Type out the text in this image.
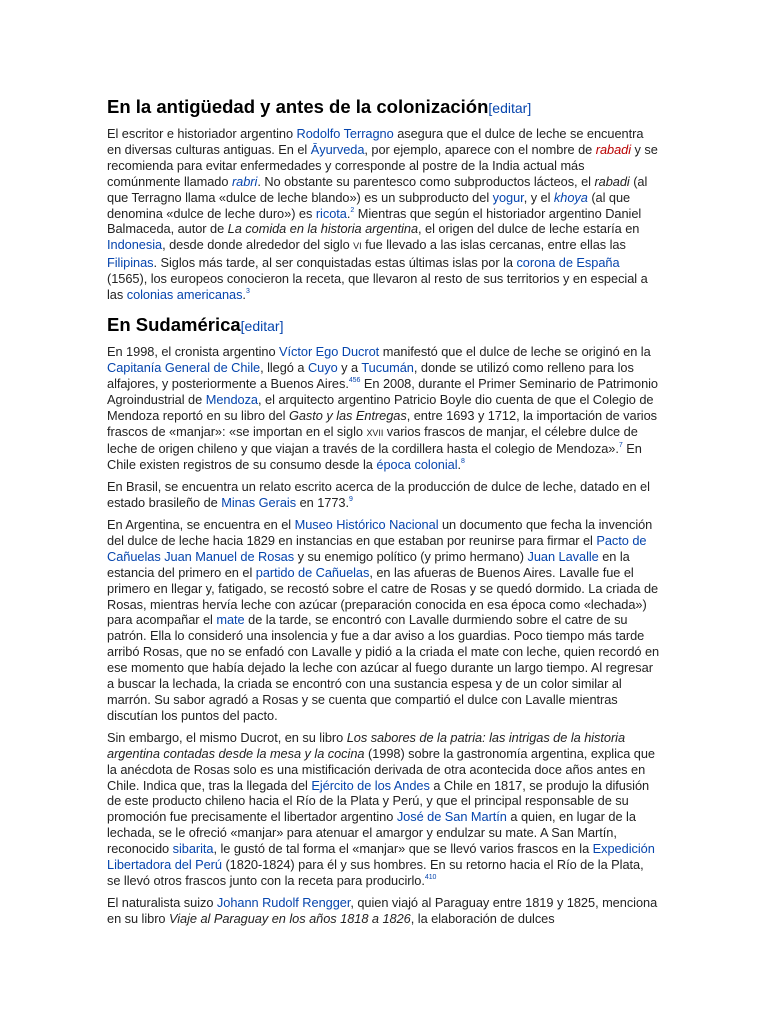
En la antigüedad y antes de la colonización[editar]

El escritor e historiador argentino Rodolfo Terragno asegura que el dulce de leche se encuentra en diversas culturas antiguas. En el Āyurveda, por ejemplo, aparece con el nombre de rabadi y se recomienda para evitar enfermedades y corresponde al postre de la India actual más comúnmente llamado rabri. No obstante su parentesco como subproductos lácteos, el rabadi (al que Terragno llama «dulce de leche blando») es un subproducto del yogur, y el khoya (al que denomina «dulce de leche duro») es ricota.$^2$ Mientras que según el historiador argentino Daniel Balmaceda, autor de La comida en la historia argentina, el origen del dulce de leche estaría en Indonesia, desde donde alrededor del siglo VI fue llevado a las islas cercanas, entre ellas las Filipinas. Siglos más tarde, al ser conquistadas estas últimas islas por la corona de España (1565), los europeos conocieron la receta, que llevaron al resto de sus territorios y en especial a las colonias americanas.$^3$

En Sudamérica[editar]

En 1998, el cronista argentino Víctor Ego Ducrot manifestó que el dulce de leche se originó en la Capitanía General de Chile, llegó a Cuyo y a Tucumán, donde se utilizó como relleno para los alfajores, y posteriormente a Buenos Aires.$^{456}$ En 2008, durante el Primer Seminario de Patrimonio Agroindustrial de Mendoza, el arquitecto argentino Patricio Boyle dio cuenta de que el Colegio de Mendoza reportó en su libro del Gasto y las Entregas, entre 1693 y 1712, la importación de varios frascos de «manjar»: «se importan en el siglo XVII varios frascos de manjar, el célebre dulce de leche de origen chileno y que viajan a través de la cordillera hasta el colegio de Mendoza».$^7$ En Chile existen registros de su consumo desde la época colonial.$^8$

En Brasil, se encuentra un relato escrito acerca de la producción de dulce de leche, datado en el estado brasileño de Minas Gerais en 1773.$^9$

En Argentina, se encuentra en el Museo Histórico Nacional un documento que fecha la invención del dulce de leche hacia 1829 en instancias en que estaban por reunirse para firmar el Pacto de Cañuelas Juan Manuel de Rosas y su enemigo político (y primo hermano) Juan Lavalle en la estancia del primero en el partido de Cañuelas, en las afueras de Buenos Aires. Lavalle fue el primero en llegar y, fatigado, se recostó sobre el catre de Rosas y se quedó dormido. La criada de Rosas, mientras hervía leche con azúcar (preparación conocida en esa época como «lechada») para acompañar el mate de la tarde, se encontró con Lavalle durmiendo sobre el catre de su patrón. Ella lo consideró una insolencia y fue a dar aviso a los guardias. Poco tiempo más tarde arribó Rosas, que no se enfadó con Lavalle y pidió a la criada el mate con leche, quien recordó en ese momento que había dejado la leche con azúcar al fuego durante un largo tiempo. Al regresar a buscar la lechada, la criada se encontró con una sustancia espesa y de un color similar al marrón. Su sabor agradó a Rosas y se cuenta que compartió el dulce con Lavalle mientras discutían los puntos del pacto.

Sin embargo, el mismo Ducrot, en su libro Los sabores de la patria: las intrigas de la historia argentina contadas desde la mesa y la cocina (1998) sobre la gastronomía argentina, explica que la anécdota de Rosas solo es una mistificación derivada de otra acontecida doce años antes en Chile. Indica que, tras la llegada del Ejército de los Andes a Chile en 1817, se produjo la difusión de este producto chileno hacia el Río de la Plata y Perú, y que el principal responsable de su promoción fue precisamente el libertador argentino José de San Martín a quien, en lugar de la lechada, se le ofreció «manjar» para atenuar el amargor y endulzar su mate. A San Martín, reconocido sibarita, le gustó de tal forma el «manjar» que se llevó varios frascos en la Expedición Libertadora del Perú (1820-1824) para él y sus hombres. En su retorno hacia el Río de la Plata, se llevó otros frascos junto con la receta para producirlo.$^{410}$

El naturalista suizo Johann Rudolf Rengger, quien viajó al Paraguay entre 1819 y 1825, menciona en su libro Viaje al Paraguay en los años 1818 a 1826, la elaboración de dulces
